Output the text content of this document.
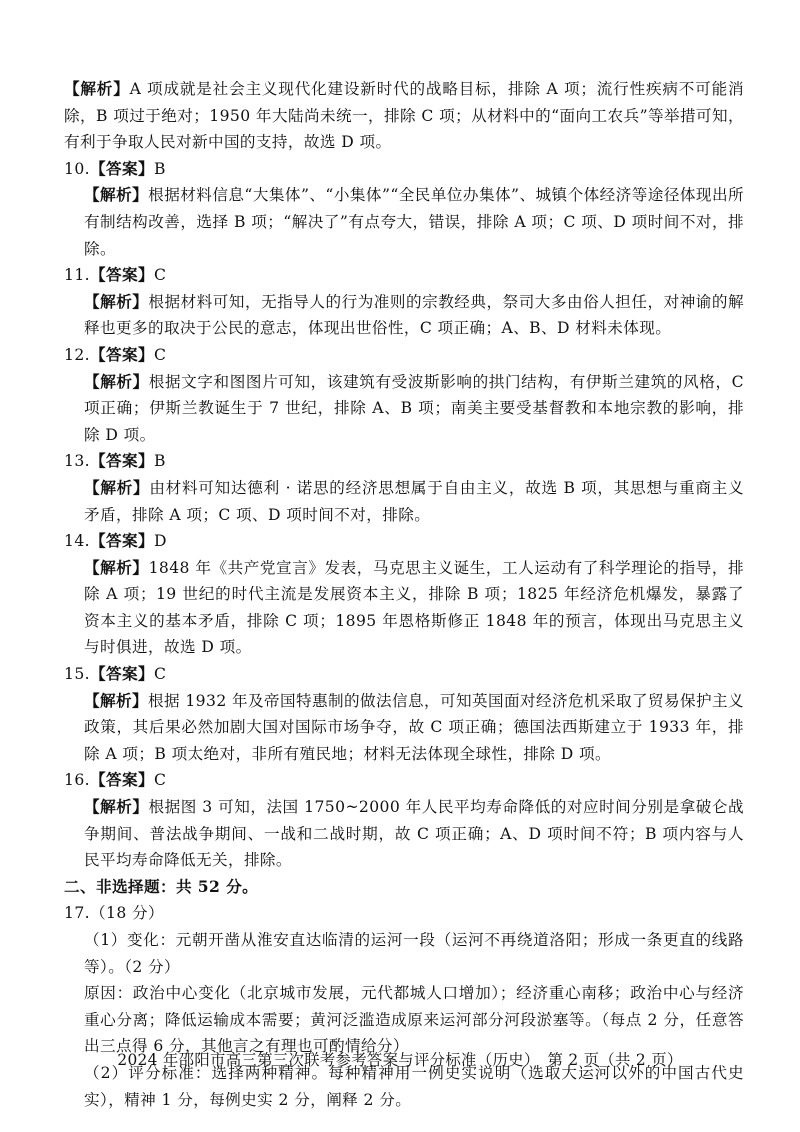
【解析】A 项成就是社会主义现代化建设新时代的战略目标，排除 A 项；流行性疾病不可能消除，B 项过于绝对；1950 年大陆尚未统一，排除 C 项；从材料中的“面向工农兵”等举措可知，有利于争取人民对新中国的支持，故选 D 项。

10.【答案】B

【解析】根据材料信息“大集体”、“小集体”“全民单位办集体”、城镇个体经济等途径体现出所有制结构改善，选择 B 项；“解决了”有点夸大，错误，排除 A 项；C 项、D 项时间不对，排除。

11.【答案】C

【解析】根据材料可知，无指导人的行为准则的宗教经典，祭司大多由俗人担任，对神谕的解释也更多的取决于公民的意志，体现出世俗性，C 项正确；A、B、D 材料未体现。

12.【答案】C

【解析】根据文字和图图片可知，该建筑有受波斯影响的拱门结构，有伊斯兰建筑的风格，C 项正确；伊斯兰教诞生于 7 世纪，排除 A、B 项；南美主要受基督教和本地宗教的影响，排除 D 项。

13.【答案】B

【解析】由材料可知达德利 · 诺思的经济思想属于自由主义，故选 B 项，其思想与重商主义矛盾，排除 A 项；C 项、D 项时间不对，排除。

14.【答案】D

【解析】1848 年《共产党宣言》发表，马克思主义诞生，工人运动有了科学理论的指导，排除 A 项；19 世纪的时代主流是发展资本主义，排除 B 项；1825 年经济危机爆发，暴露了资本主义的基本矛盾，排除 C 项；1895 年恩格斯修正 1848 年的预言，体现出马克思主义与时俱进，故选 D 项。

15.【答案】C

【解析】根据 1932 年及帝国特惠制的做法信息，可知英国面对经济危机采取了贸易保护主义政策，其后果必然加剧大国对国际市场争夺，故 C 项正确；德国法西斯建立于 1933 年，排除 A 项；B 项太绝对，非所有殖民地；材料无法体现全球性，排除 D 项。

16.【答案】C

【解析】根据图 3 可知，法国 1750~2000 年人民平均寿命降低的对应时间分别是拿破仑战争期间、普法战争期间、一战和二战时期，故 C 项正确；A、D 项时间不符；B 项内容与人民平均寿命降低无关，排除。

二、非选择题：共 52 分。

17.（18 分）

（1）变化：元朝开凿从淮安直达临清的运河一段（运河不再绕道洛阳；形成一条更直的线路等）。（2 分）

原因：政治中心变化（北京城市发展，元代都城人口增加）；经济重心南移；政治中心与经济重心分离；降低运输成本需要；黄河泛滥造成原来运河部分河段淤塞等。（每点 2 分，任意答出三点得 6 分，其他言之有理也可酌情给分）

（2）评分标准：选择两种精神。每种精神用一例史实说明（选取大运河以外的中国古代史实），精神 1 分，每例史实 2 分，阐释 2 分。

2024 年邵阳市高三第三次联考参考答案与评分标准（历史）　第 2 页（共 2 页）
